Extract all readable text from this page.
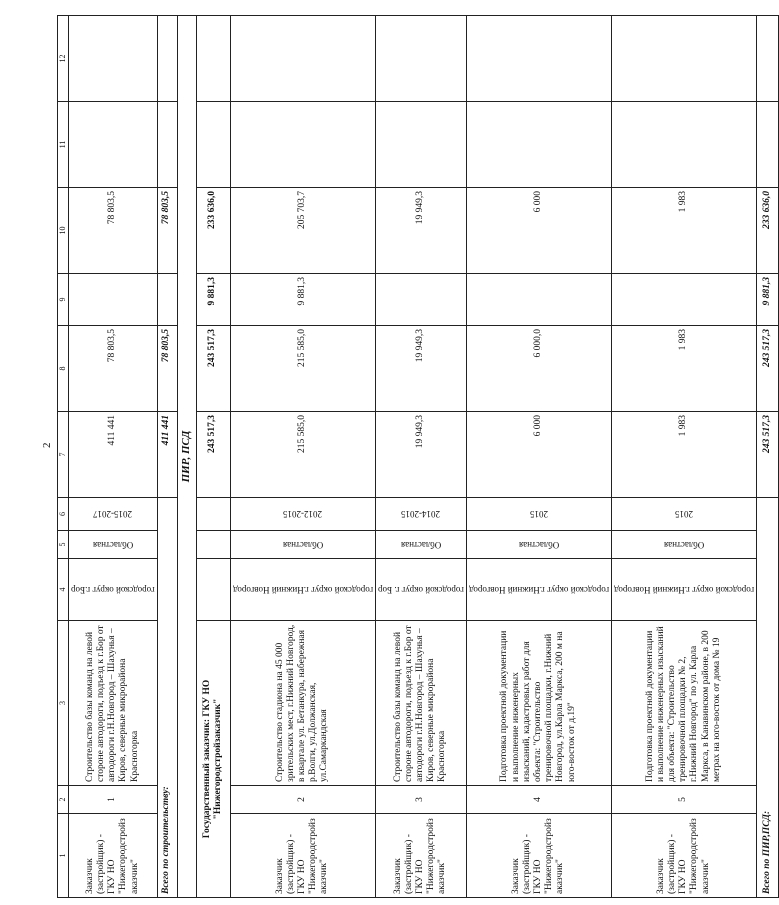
2
1	2	3	4	5	6	7	8	9	10	11	12
Заказчик (застройщик) - ГКУ НО "Нижегородстройзаказчик"	1	Строительство базы команд на левой стороне автодороги, подъезд к г.Бор от автодороги г.Н.Новгород – Шахунья – Киров, северные микрорайона Красногорка	городской округ г.Бор	Областная	2015-2017	411 441	78 803,5		78 803,5		
Всего по строительству:						411 441	78 803,5		78 803,5		
ПИР, ПСД											
Государственный заказчик: ГКУ НО "Нижегородстройзаказчик"						243 517,3	243 517,3	9 881,3	233 636,0		
Заказчик (застройщик) - ГКУ НО "Нижегородстройзаказчик"	2	Строительство стадиона на 45 000 зрительских мест, г.Нижний Новгород, в квартале ул. Бетанкура, набережная р.Волги, ул.Должанская, ул.Самаркандская	городской округ г.Нижний Новгород	Областная	2012-2015	215 585,0	215 585,0	9 881,3	205 703,7		
Заказчик (застройщик) - ГКУ НО "Нижегородстройзаказчик"	3	Строительство базы команд на левой стороне автодороги, подъезд к г.Бор от автодороги г.Н.Новгород – Шахунья – Киров, северные микрорайона Красногорка	городской округ г. Бор	Областная	2014-2015	19 949,3	19 949,3		19 949,3		
Заказчик (застройщик) - ГКУ НО "Нижегородстройзаказчик"	4	Подготовка проектной документации и выполнение инженерных изысканий, кадастровых работ для объекта: "Строительство тренировочной площадки, г.Нижний Новгород, ул.Карла Маркса, 200 м на юго-восток от д.19"	городской округ г.Нижний Новгород	Областная	2015	6 000	6 000,0		6 000		
Заказчик (застройщик) - ГКУ НО "Нижегородстройзаказчик"	5	Подготовка проектной документации и выполнение инженерных изысканий для объекта: "Строительство тренировочной площадки № 2, г.Нижний Новгород" по ул. Карла Маркса, в Канавинском районе, в 200 метрах на юго-восток от дома № 19	городской округ г.Нижний Новгород	Областная	2015	1 983	1 983		1 983		
Всего по ПИР,ПСД:						243 517,3	243 517,3	9 881,3	233 636,0		
